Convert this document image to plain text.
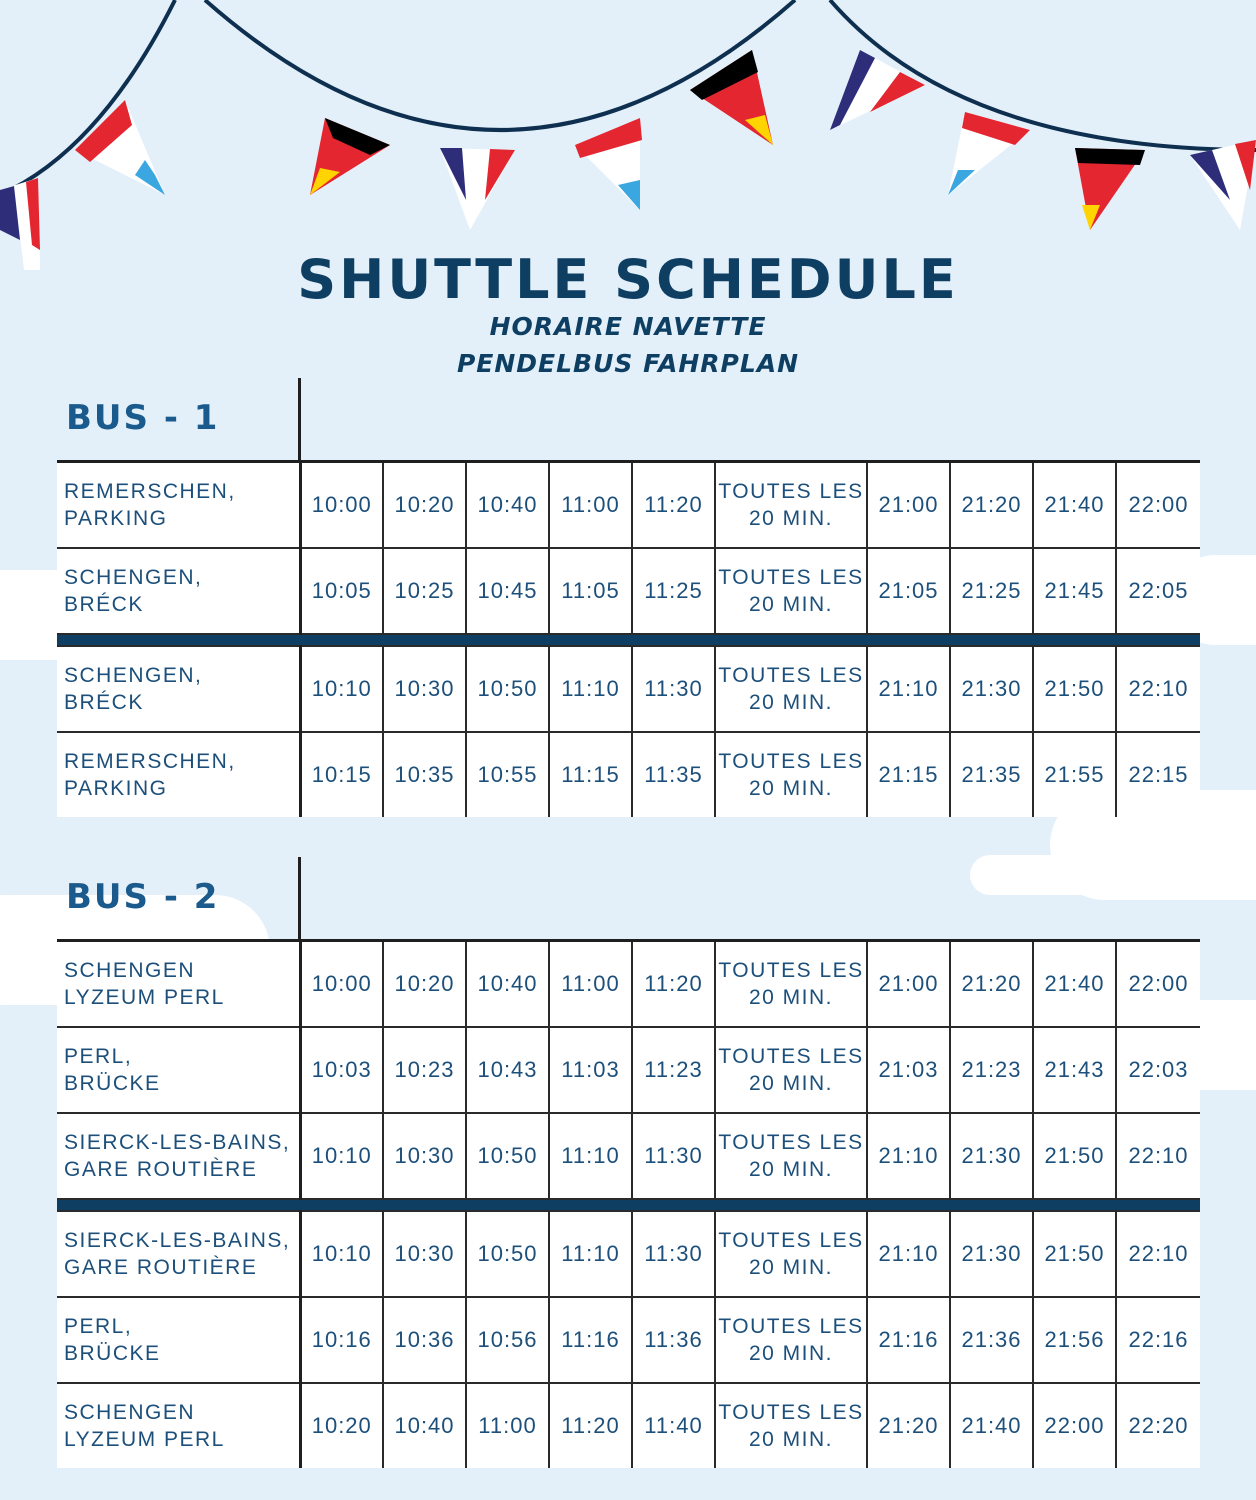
SHUTTLE SCHEDULE
HORAIRE NAVETTE
PENDELBUS FAHRPLAN
BUS - 1
REMERSCHEN,
PARKING	10:00	10:20	10:40	11:00	11:20	TOUTES LES
20 MIN.	21:00	21:20	21:40	22:00

SCHENGEN,
BRÉCK	10:05	10:25	10:45	11:05	11:25	TOUTES LES
20 MIN.	21:05	21:25	21:45	22:05

SCHENGEN,
BRÉCK	10:10	10:30	10:50	11:10	11:30	TOUTES LES
20 MIN.	21:10	21:30	21:50	22:10

REMERSCHEN,
PARKING	10:15	10:35	10:55	11:15	11:35	TOUTES LES
20 MIN.	21:15	21:35	21:55	22:15
BUS - 2
SCHENGEN
LYZEUM PERL	10:00	10:20	10:40	11:00	11:20	TOUTES LES
20 MIN.	21:00	21:20	21:40	22:00

PERL,
BRÜCKE	10:03	10:23	10:43	11:03	11:23	TOUTES LES
20 MIN.	21:03	21:23	21:43	22:03

SIERCK-LES-BAINS,
GARE ROUTIÈRE	10:10	10:30	10:50	11:10	11:30	TOUTES LES
20 MIN.	21:10	21:30	21:50	22:10

SIERCK-LES-BAINS,
GARE ROUTIÈRE	10:10	10:30	10:50	11:10	11:30	TOUTES LES
20 MIN.	21:10	21:30	21:50	22:10

PERL,
BRÜCKE	10:16	10:36	10:56	11:16	11:36	TOUTES LES
20 MIN.	21:16	21:36	21:56	22:16

SCHENGEN
LYZEUM PERL	10:20	10:40	11:00	11:20	11:40	TOUTES LES
20 MIN.	21:20	21:40	22:00	22:20
